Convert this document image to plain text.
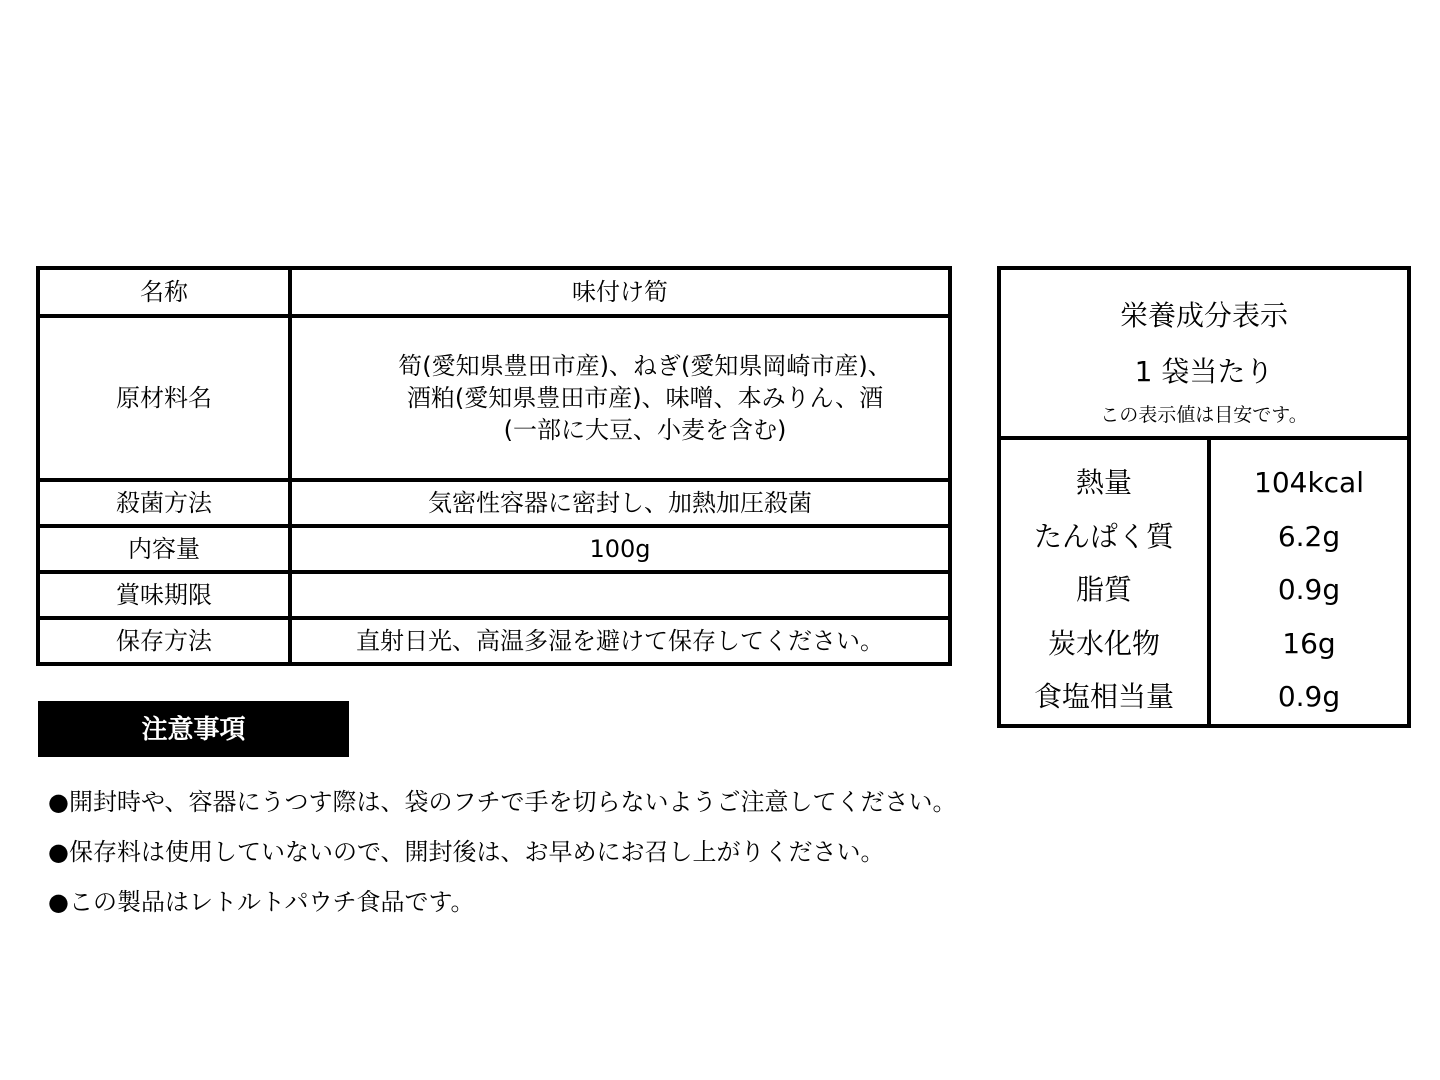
名称	味付け筍
原材料名	筍(愛知県豊田市産)、ねぎ(愛知県岡崎市産)、
酒粕(愛知県豊田市産)、味噌、本みりん、酒
(一部に大豆、小麦を含む)

殺菌方法	気密性容器に密封し、加熱加圧殺菌
内容量	100g
賞味期限	
保存方法	直射日光、高温多湿を避けて保存してください。
栄養成分表示
1 袋当たり
この表示値は目安です。
熱量	104kcal
たんぱく質	6.2g
脂質	0.9g
炭水化物	16g
食塩相当量	0.9g
注意事項
●開封時や、容器にうつす際は、袋のフチで手を切らないようご注意してください。
●保存料は使用していないので、開封後は、お早めにお召し上がりください。
●この製品はレトルトパウチ食品です。
